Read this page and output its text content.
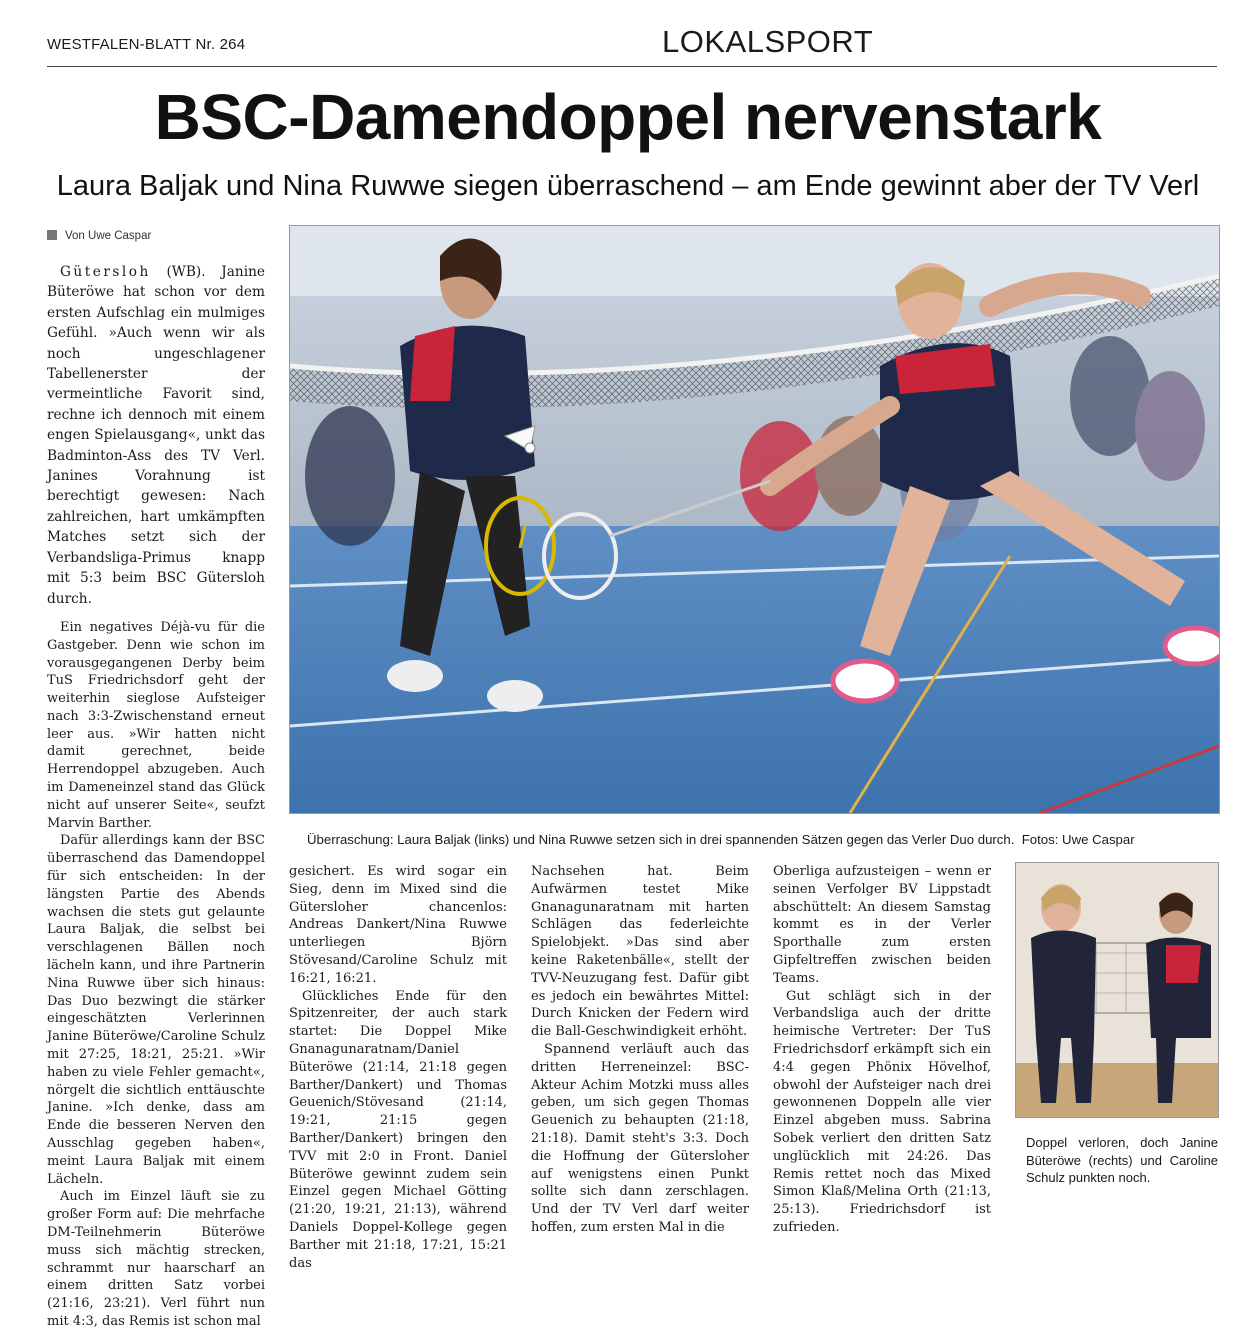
WESTFALEN-BLATT Nr. 264	LOKALSPORT
BSC-Damendoppel nervenstark
Laura Baljak und Nina Ruwwe siegen überraschend – am Ende gewinnt aber der TV Verl
Von Uwe Caspar

Gütersloh (WB). Janine Büteröwe hat schon vor dem ersten Aufschlag ein mulmiges Gefühl. »Auch wenn wir als noch ungeschlagener Tabellenerster der vermeintliche Favorit sind, rechne ich dennoch mit einem engen Spielausgang«, unkt das Badminton-Ass des TV Verl. Janines Vorahnung ist berechtigt gewesen: Nach zahlreichen, hart umkämpften Matches setzt sich der Verbandsliga-Primus knapp mit 5:3 beim BSC Gütersloh durch.

Ein negatives Déjà-vu für die Gastgeber. Denn wie schon im vorausgegangenen Derby beim TuS Friedrichsdorf geht der weiterhin sieglose Aufsteiger nach 3:3-Zwischenstand erneut leer aus. »Wir hatten nicht damit gerechnet, beide Herrendoppel abzugeben. Auch im Dameneinzel stand das Glück nicht auf unserer Seite«, seufzt Marvin Barther.

Dafür allerdings kann der BSC überraschend das Damendoppel für sich entscheiden: In der längsten Partie des Abends wachsen die stets gut gelaunte Laura Baljak, die selbst bei verschlagenen Bällen noch lächeln kann, und ihre Partnerin Nina Ruwwe über sich hinaus: Das Duo bezwingt die stärker eingeschätzten Verlerinnen Janine Büteröwe/Caroline Schulz mit 27:25, 18:21, 25:21. »Wir haben zu viele Fehler gemacht«, nörgelt die sichtlich enttäuschte Janine. »Ich denke, dass am Ende die besseren Nerven den Ausschlag gegeben haben«, meint Laura Baljak mit einem Lächeln.

Auch im Einzel läuft sie zu großer Form auf: Die mehrfache DM-Teilnehmerin Büteröwe muss sich mächtig strecken, schrammt nur haarscharf an einem dritten Satz vorbei (21:16, 23:21). Verl führt nun mit 4:3, das Remis ist schon mal

gesichert. Es wird sogar ein Sieg, denn im Mixed sind die Gütersloher chancenlos: Andreas Dankert/Nina Ruwwe unterliegen Björn Stövesand/Caroline Schulz mit 16:21, 16:21.

Glückliches Ende für den Spitzenreiter, der auch stark startet: Die Doppel Mike Gnanagunaratnam/Daniel Büteröwe (21:14, 21:18 gegen Barther/Dankert) und Thomas Geuenich/Stövesand (21:14, 19:21, 21:15 gegen Barther/Dankert) bringen den TVV mit 2:0 in Front. Daniel Büteröwe gewinnt zudem sein Einzel gegen Michael Götting (21:20, 19:21, 21:13), während Daniels Doppel-Kollege gegen Barther mit 21:18, 17:21, 15:21 das

Nachsehen hat. Beim Aufwärmen testet Mike Gnanagunaratnam mit harten Schlägen das federleichte Spielobjekt. »Das sind aber keine Raketenbälle«, stellt der TVV-Neuzugang fest. Dafür gibt es jedoch ein bewährtes Mittel: Durch Knicken der Federn wird die Ball-Geschwindigkeit erhöht.

Spannend verläuft auch das dritten Herreneinzel: BSC-Akteur Achim Motzki muss alles geben, um sich gegen Thomas Geuenich zu behaupten (21:18, 21:18). Damit steht's 3:3. Doch die Hoffnung der Gütersloher auf wenigstens einen Punkt sollte sich dann zerschlagen. Und der TV Verl darf weiter hoffen, zum ersten Mal in die

Oberliga aufzusteigen – wenn er seinen Verfolger BV Lippstadt abschüttelt: An diesem Samstag kommt es in der Verler Sporthalle zum ersten Gipfeltreffen zwischen beiden Teams.

Gut schlägt sich in der Verbandsliga auch der dritte heimische Vertreter: Der TuS Friedrichsdorf erkämpft sich ein 4:4 gegen Phönix Hövelhof, obwohl der Aufsteiger nach drei gewonnenen Doppeln alle vier Einzel abgeben muss. Sabrina Sobek verliert den dritten Satz unglücklich mit 24:26. Das Remis rettet noch das Mixed Simon Klaß/Melina Orth (21:13, 25:13). Friedrichsdorf ist zufrieden.

Überraschung: Laura Baljak (links) und Nina Ruwwe setzen sich in drei spannenden Sätzen gegen das Verler Duo durch. Fotos: Uwe Caspar
Doppel verloren, doch Janine Büteröwe (rechts) und Caroline Schulz punkten noch.
